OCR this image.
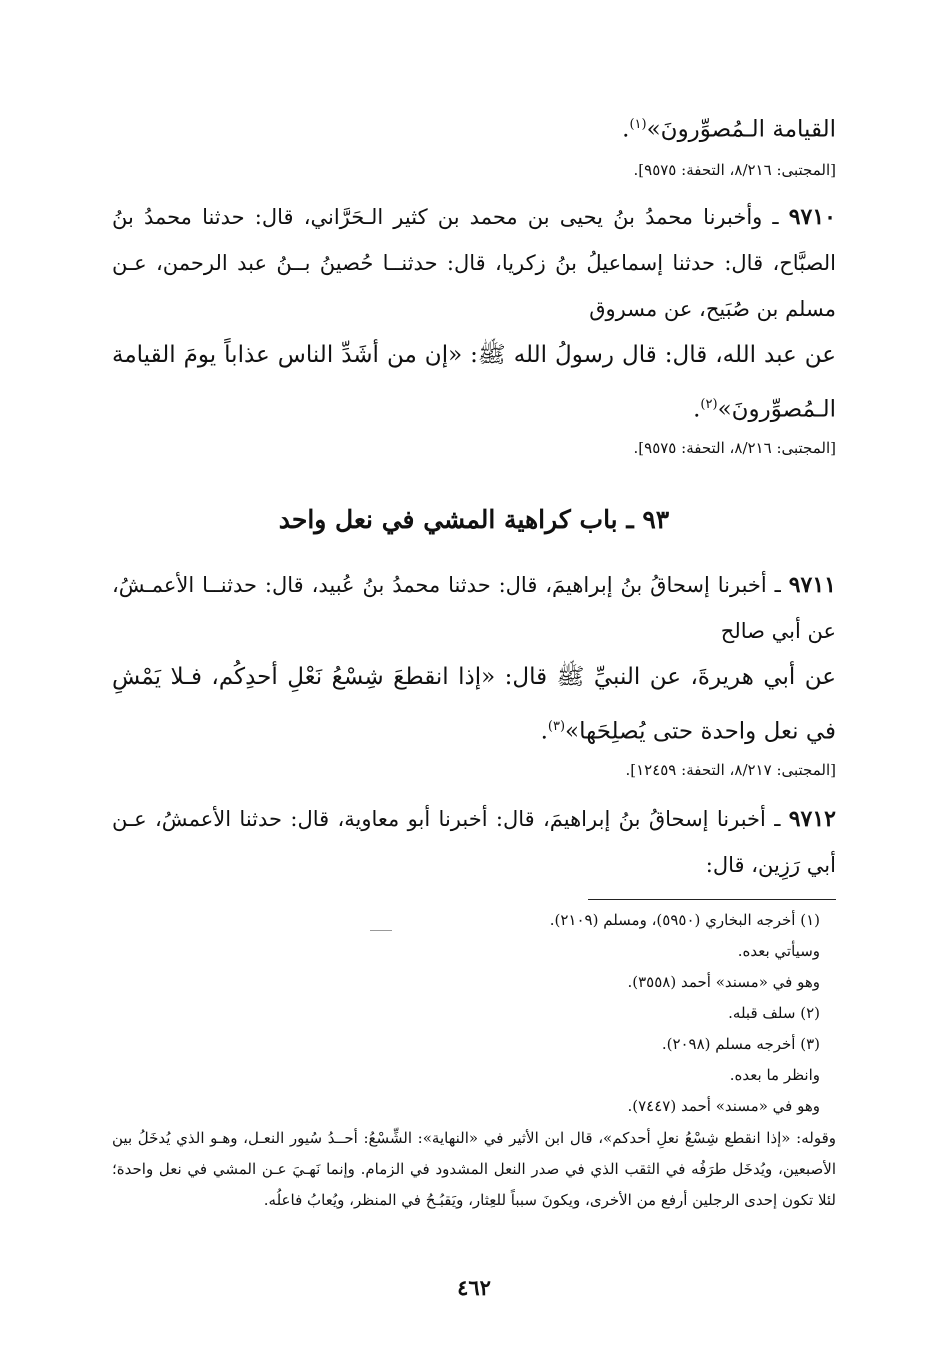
القيامة الـمُصوِّرونَ»$^{(١)}$.
[المجتبى: ٨/٢١٦، التحفة: ٩٥٧٥].
٩٧١٠ ـ وأخبرنا محمدُ بنُ يحيى بن محمد بن كثير الـحَرَّاني، قال: حدثنا محمدُ بنُ الصبَّاح، قال: حدثنا إسماعيلُ بنُ زكريا، قال: حدثنــا حُصينُ بــنُ عبد الرحمن، عـن مسلم بن صُبَيح، عن مسروق
عن عبد الله، قال: قال رسولُ الله ﷺ: «إن من أشَدِّ الناس عذاباً يومَ القيامة الـمُصوِّرونَ»$^{(٢)}$.
[المجتبى: ٨/٢١٦، التحفة: ٩٥٧٥].
٩٣ ـ باب كراهية المشي في نعل واحد
٩٧١١ ـ أخبرنا إسحاقُ بنُ إبراهيمَ، قال: حدثنا محمدُ بنُ عُبيد، قال: حدثنــا الأعمـشُ، عن أبي صالح
عن أبي هريرةَ، عن النبيِّ ﷺ قال: «إذا انقطعَ شِسْعُ نَعْلِ أحدِكُم، فـلا يَمْشِ في نعل واحدة حتى يُصلِحَها»$^{(٣)}$.
[المجتبى: ٨/٢١٧، التحفة: ١٢٤٥٩].
٩٧١٢ ـ أخبرنا إسحاقُ بنُ إبراهيمَ، قال: أخبرنا أبو معاوية، قال: حدثنا الأعمشُ، عـن أبي رَزِين، قال:
(١) أخرجه البخاري (٥٩٥٠)، ومسلم (٢١٠٩).
وسيأتي بعده.
وهو في «مسند» أحمد (٣٥٥٨).
(٢) سلف قبله.
(٣) أخرجه مسلم (٢٠٩٨).
وانظر ما بعده.
وهو في «مسند» أحمد (٧٤٤٧).
وقوله: «إذا انقطع شِسْعُ نعلِ أحدكم»، قال ابن الأثير في «النهاية»: الشِّسْعُ: أحــدُ سُيور النعـل، وهـو الذي يُدخَلُ بين الأصبعين، ويُدخَل طرَفُه في الثقب الذي في صدر النعل المشدود في الزمام. وإنما نَهـيَ عـن المشي في نعل واحدة؛ لئلا تكون إحدى الرجلين أرفع من الأخرى، ويكونَ سبباً للعِثار، ويَقبُـحُ في المنظر، ويُعابُ فاعلُه.
٤٦٢
